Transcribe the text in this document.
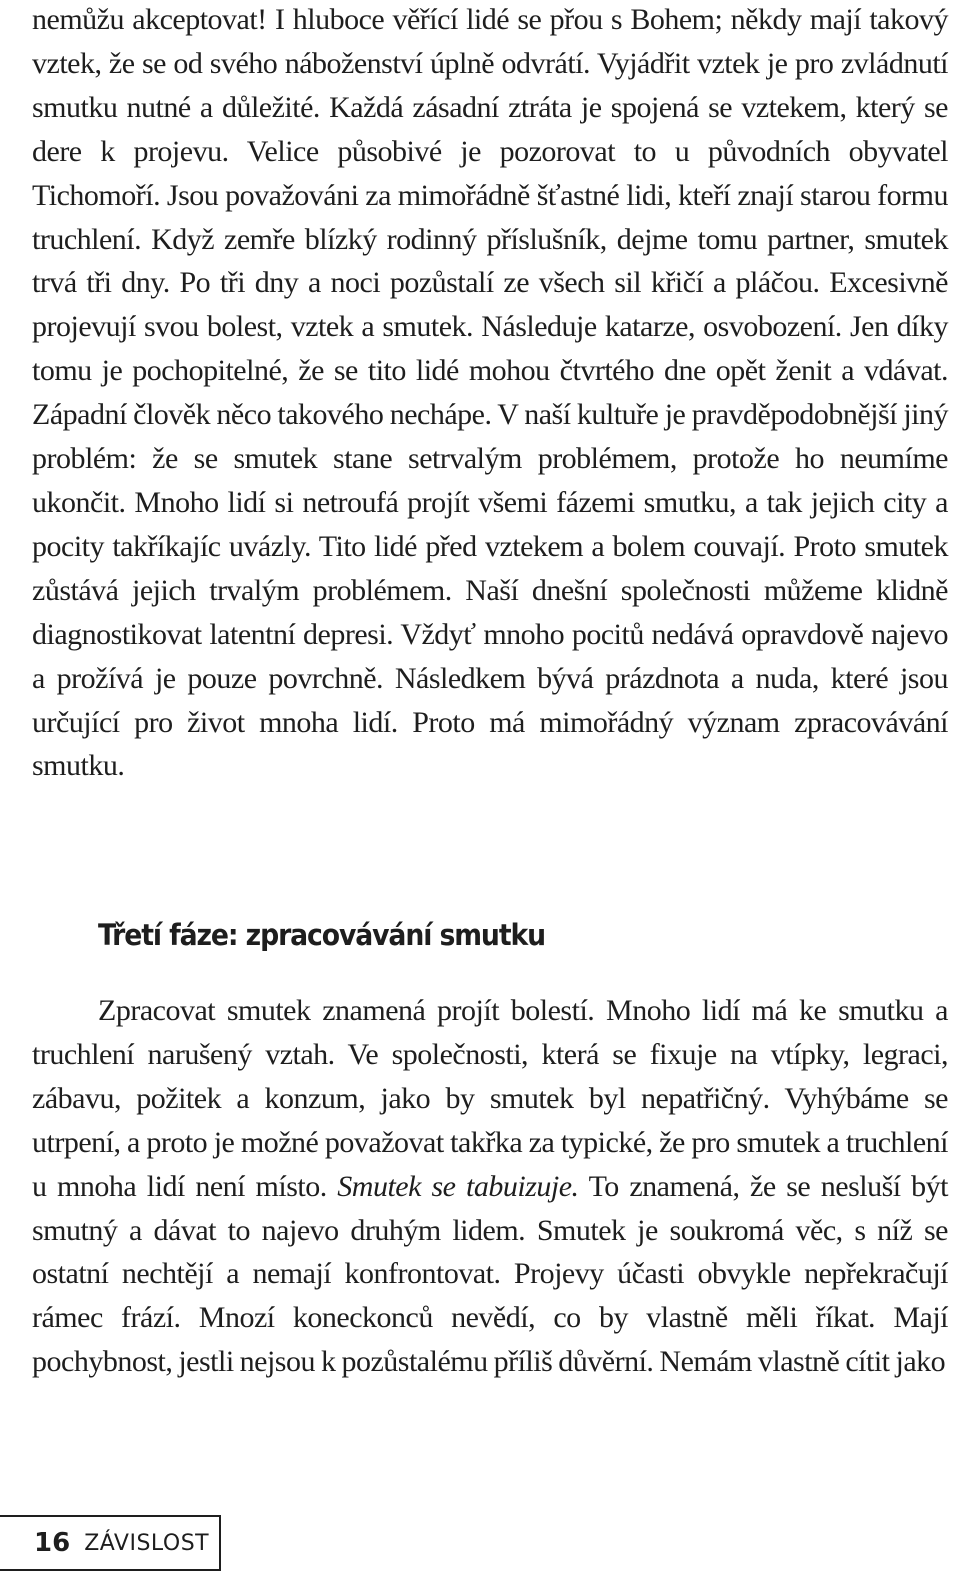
nemůžu akceptovat! I hluboce věřící lidé se přou s Bohem; někdy mají takový vztek, že se od svého náboženství úplně odvrátí. Vyjádřit vztek je pro zvládnutí smutku nutné a důležité. Každá zásadní ztráta je spojená se vztekem, který se dere k projevu. Velice působivé je pozorovat to u původních obyvatel Tichomoří. Jsou považováni za mimořádně šťastné lidi, kteří znají starou formu truchlení. Když zemře blízký rodinný příslušník, dejme tomu partner, smutek trvá tři dny. Po tři dny a noci pozůstalí ze všech sil křičí a pláčou. Excesivně projevují svou bolest, vztek a smutek. Následuje katarze, osvobození. Jen díky tomu je pochopitelné, že se tito lidé mohou čtvrtého dne opět ženit a vdávat. Západní člověk něco takového nechápe. V naší kultuře je pravděpodobnější jiný problém: že se smutek stane setrvalým problémem, protože ho neumíme ukončit. Mnoho lidí si netroufá projít všemi fázemi smutku, a tak jejich city a pocity takříkajíc uvázly. Tito lidé před vztekem a bolem couvají. Proto smutek zůstává jejich trvalým problémem. Naší dnešní společnosti můžeme klidně diagnostikovat latentní depresi. Vždyť mnoho pocitů nedává opravdově najevo a prožívá je pouze povrchně. Následkem bývá prázdnota a nuda, které jsou určující pro život mnoha lidí. Proto má mimořádný význam zpracovávání smutku.

Třetí fáze: zpracovávání smutku

Zpracovat smutek znamená projít bolestí. Mnoho lidí má ke smutku a truchlení narušený vztah. Ve společnosti, která se fixuje na vtípky, legraci, zábavu, požitek a konzum, jako by smutek byl nepatřičný. Vyhýbáme se utrpení, a proto je možné považovat takřka za typické, že pro smutek a truchlení u mnoha lidí není místo. Smutek se tabuizuje. To znamená, že se nesluší být smutný a dávat to najevo druhým lidem. Smutek je soukromá věc, s níž se ostatní nechtějí a nemají konfrontovat. Projevy účasti obvykle nepřekračují rámec frází. Mnozí koneckonců nevědí, co by vlastně měli říkat. Mají pochybnost, jestli nejsou k pozůstalému příliš důvěrní. Nemám vlastně cítit jako

16 ZÁVISLOST
